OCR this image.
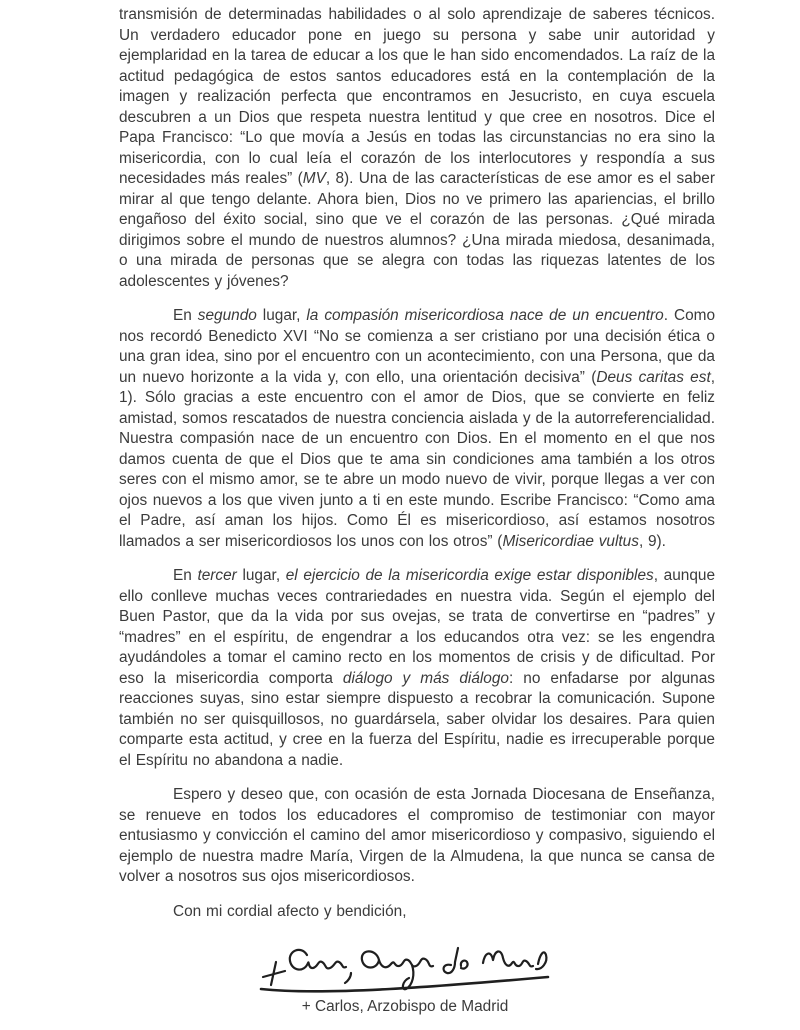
transmisión de determinadas habilidades o al solo aprendizaje de saberes técnicos. Un verdadero educador pone en juego su persona y sabe unir autoridad y ejemplaridad en la tarea de educar a los que le han sido encomendados. La raíz de la actitud pedagógica de estos santos educadores está en la contemplación de la imagen y realización perfecta que encontramos en Jesucristo, en cuya escuela descubren a un Dios que respeta nuestra lentitud y que cree en nosotros. Dice el Papa Francisco: “Lo que movía a Jesús en todas las circunstancias no era sino la misericordia, con lo cual leía el corazón de los interlocutores y respondía a sus necesidades más reales” (MV, 8). Una de las características de ese amor es el saber mirar al que tengo delante. Ahora bien, Dios no ve primero las apariencias, el brillo engañoso del éxito social, sino que ve el corazón de las personas. ¿Qué mirada dirigimos sobre el mundo de nuestros alumnos? ¿Una mirada miedosa, desanimada, o una mirada de personas que se alegra con todas las riquezas latentes de los adolescentes y jóvenes?

En segundo lugar, la compasión misericordiosa nace de un encuentro. Como nos recordó Benedicto XVI “No se comienza a ser cristiano por una decisión ética o una gran idea, sino por el encuentro con un acontecimiento, con una Persona, que da un nuevo horizonte a la vida y, con ello, una orientación decisiva” (Deus caritas est, 1). Sólo gracias a este encuentro con el amor de Dios, que se convierte en feliz amistad, somos rescatados de nuestra conciencia aislada y de la autorreferencialidad. Nuestra compasión nace de un encuentro con Dios. En el momento en el que nos damos cuenta de que el Dios que te ama sin condiciones ama también a los otros seres con el mismo amor, se te abre un modo nuevo de vivir, porque llegas a ver con ojos nuevos a los que viven junto a ti en este mundo. Escribe Francisco: “Como ama el Padre, así aman los hijos. Como Él es misericordioso, así estamos nosotros llamados a ser misericordiosos los unos con los otros” (Misericordiae vultus, 9).

En tercer lugar, el ejercicio de la misericordia exige estar disponibles, aunque ello conlleve muchas veces contrariedades en nuestra vida. Según el ejemplo del Buen Pastor, que da la vida por sus ovejas, se trata de convertirse en “padres” y “madres” en el espíritu, de engendrar a los educandos otra vez: se les engendra ayudándoles a tomar el camino recto en los momentos de crisis y de dificultad. Por eso la misericordia comporta diálogo y más diálogo: no enfadarse por algunas reacciones suyas, sino estar siempre dispuesto a recobrar la comunicación. Supone también no ser quisquillosos, no guardársela, saber olvidar los desaires. Para quien comparte esta actitud, y cree en la fuerza del Espíritu, nadie es irrecuperable porque el Espíritu no abandona a nadie.

Espero y deseo que, con ocasión de esta Jornada Diocesana de Enseñanza, se renueve en todos los educadores el compromiso de testimoniar con mayor entusiasmo y convicción el camino del amor misericordioso y compasivo, siguiendo el ejemplo de nuestra madre María, Virgen de la Almudena, la que nunca se cansa de volver a nosotros sus ojos misericordiosos.

Con mi cordial afecto y bendición,

+ Carlos, Arzobispo de Madrid
